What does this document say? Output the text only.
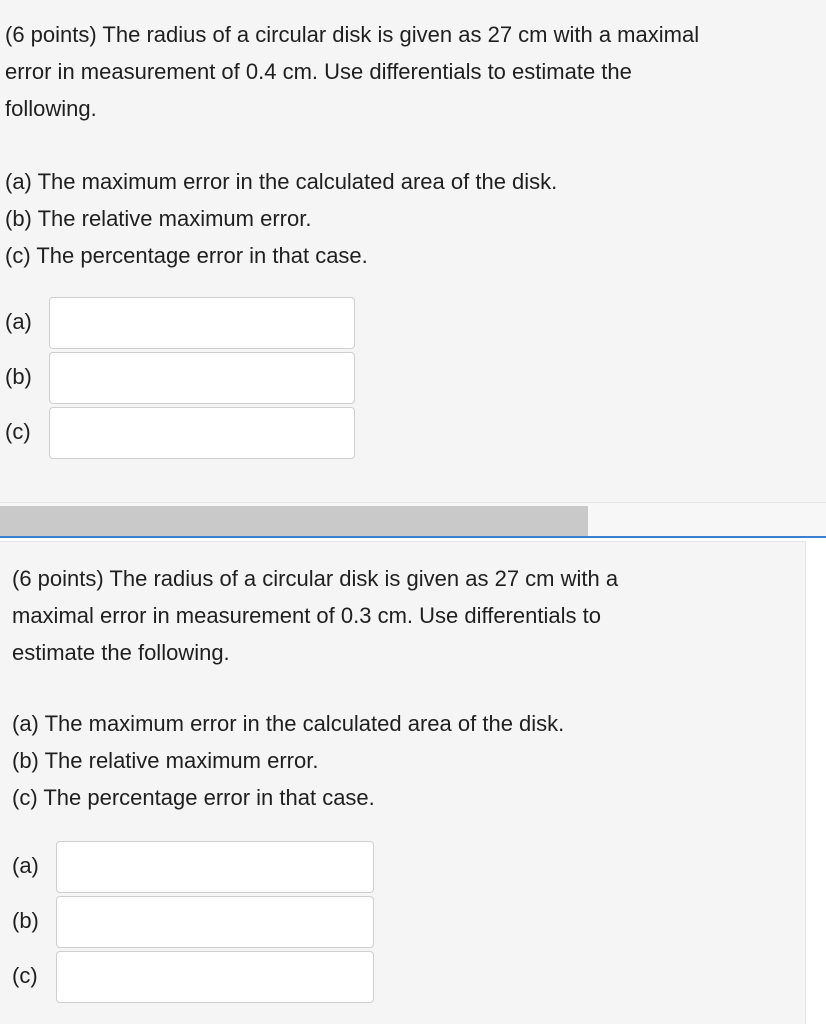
(6 points) The radius of a circular disk is given as 27 cm with a maximal
error in measurement of 0.4 cm. Use differentials to estimate the
following.

(a) The maximum error in the calculated area of the disk.
(b) The relative maximum error.
(c) The percentage error in that case.

(a)
(b)
(c)

(6 points) The radius of a circular disk is given as 27 cm with a
maximal error in measurement of 0.3 cm. Use differentials to
estimate the following.

(a) The maximum error in the calculated area of the disk.
(b) The relative maximum error.
(c) The percentage error in that case.

(a)
(b)
(c)
